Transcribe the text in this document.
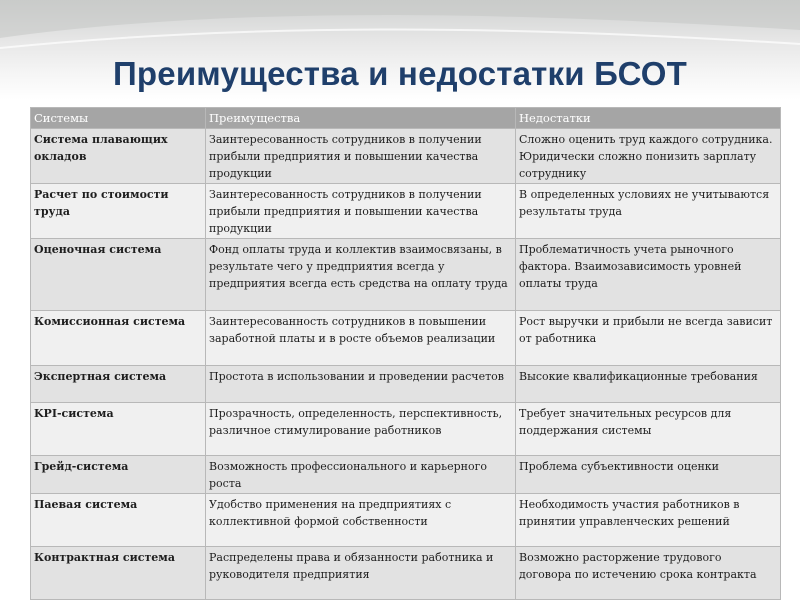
Преимущества и недостатки БСОТ
Системы	Преимущества	Недостатки
Система плавающих окладов	Заинтересованность сотрудников в получении прибыли предприятия и повышении качества продукции	Сложно оценить труд каждого сотрудника. Юридически сложно понизить зарплату сотруднику
Расчет по стоимости труда	Заинтересованность сотрудников в получении прибыли предприятия и повышении качества продукции	В определенных условиях не учитываются результаты труда
Оценочная система	Фонд оплаты труда и коллектив взаимосвязаны, в результате чего у предприятия всегда у предприятия всегда есть средства на оплату труда	Проблематичность учета рыночного фактора. Взаимозависимость уровней оплаты труда
Комиссионная система	Заинтересованность сотрудников в повышении заработной платы и в росте объемов реализации	Рост выручки и прибыли не всегда зависит от работника
Экспертная система	Простота в использовании и проведении расчетов	Высокие квалификационные требования
KPI-система	Прозрачность, определенность, перспективность, различное стимулирование работников	Требует значительных ресурсов для поддержания системы
Грейд-система	Возможность профессионального и карьерного роста	Проблема субъективности оценки
Паевая система	Удобство применения на предприятиях с коллективной формой собственности	Необходимость участия работников в принятии управленческих решений
Контрактная система	Распределены права и обязанности работника и руководителя предприятия	Возможно расторжение трудового договора по истечению срока контракта
